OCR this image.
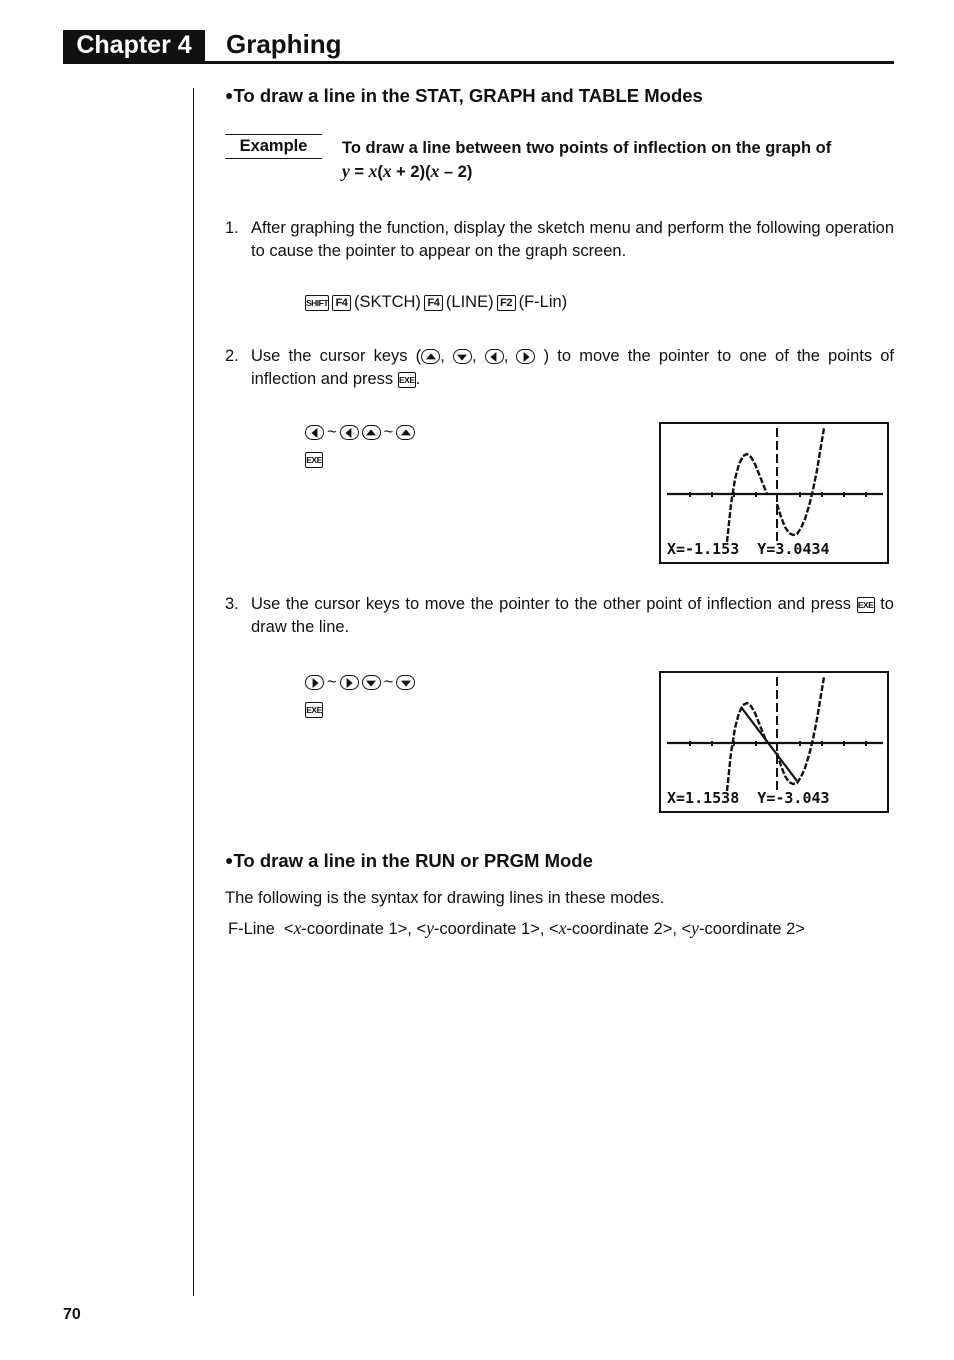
Chapter 4	Graphing
●To draw a line in the STAT, GRAPH and TABLE Modes
Example	To draw a line between two points of inflection on the graph of
y = x(x + 2)(x – 2)
1. After graphing the function, display the sketch menu and perform the following operation to cause the pointer to appear on the graph screen.
SHIFT F4 (SKTCH) F4 (LINE) F2 (F-Lin)
2. Use the cursor keys ( , , , ) to move the pointer to one of the points of inflection and press EXE.
~	~
EXE
X=-1.153  Y=3.0434
3. Use the cursor keys to move the pointer to the other point of inflection and press EXE to draw the line.
~	~
EXE
X=1.1538  Y=-3.043
●To draw a line in the RUN or PRGM Mode
The following is the syntax for drawing lines in these modes.
F-Line  <x-coordinate 1>, <y-coordinate 1>, <x-coordinate 2>, <y-coordinate 2>
70
